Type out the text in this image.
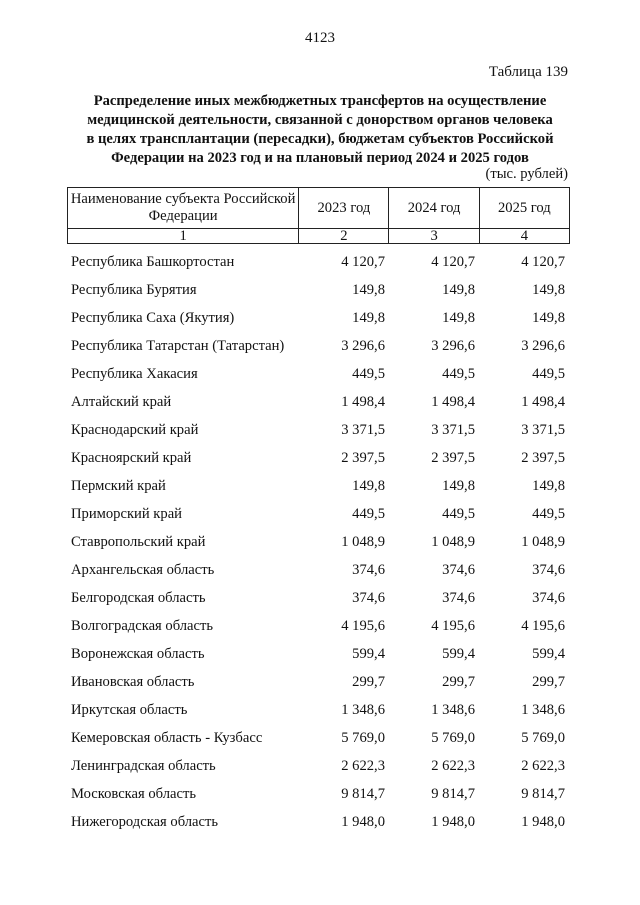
4123
Таблица 139
Распределение иных межбюджетных трансфертов на осуществление
медицинской деятельности, связанной с донорством органов человека
в целях трансплантации (пересадки), бюджетам субъектов Российской
Федерации на 2023 год и на плановый период 2024 и 2025 годов
(тыс. рублей)
Наименование субъекта Российской Федерации	2023 год	2024 год	2025 год
1	2	3	4
Республика Башкортостан	4 120,7	4 120,7	4 120,7
Республика Бурятия	149,8	149,8	149,8
Республика Саха (Якутия)	149,8	149,8	149,8
Республика Татарстан (Татарстан)	3 296,6	3 296,6	3 296,6
Республика Хакасия	449,5	449,5	449,5
Алтайский край	1 498,4	1 498,4	1 498,4
Краснодарский край	3 371,5	3 371,5	3 371,5
Красноярский край	2 397,5	2 397,5	2 397,5
Пермский край	149,8	149,8	149,8
Приморский край	449,5	449,5	449,5
Ставропольский край	1 048,9	1 048,9	1 048,9
Архангельская область	374,6	374,6	374,6
Белгородская область	374,6	374,6	374,6
Волгоградская область	4 195,6	4 195,6	4 195,6
Воронежская область	599,4	599,4	599,4
Ивановская область	299,7	299,7	299,7
Иркутская область	1 348,6	1 348,6	1 348,6
Кемеровская область - Кузбасс	5 769,0	5 769,0	5 769,0
Ленинградская область	2 622,3	2 622,3	2 622,3
Московская область	9 814,7	9 814,7	9 814,7
Нижегородская область	1 948,0	1 948,0	1 948,0
